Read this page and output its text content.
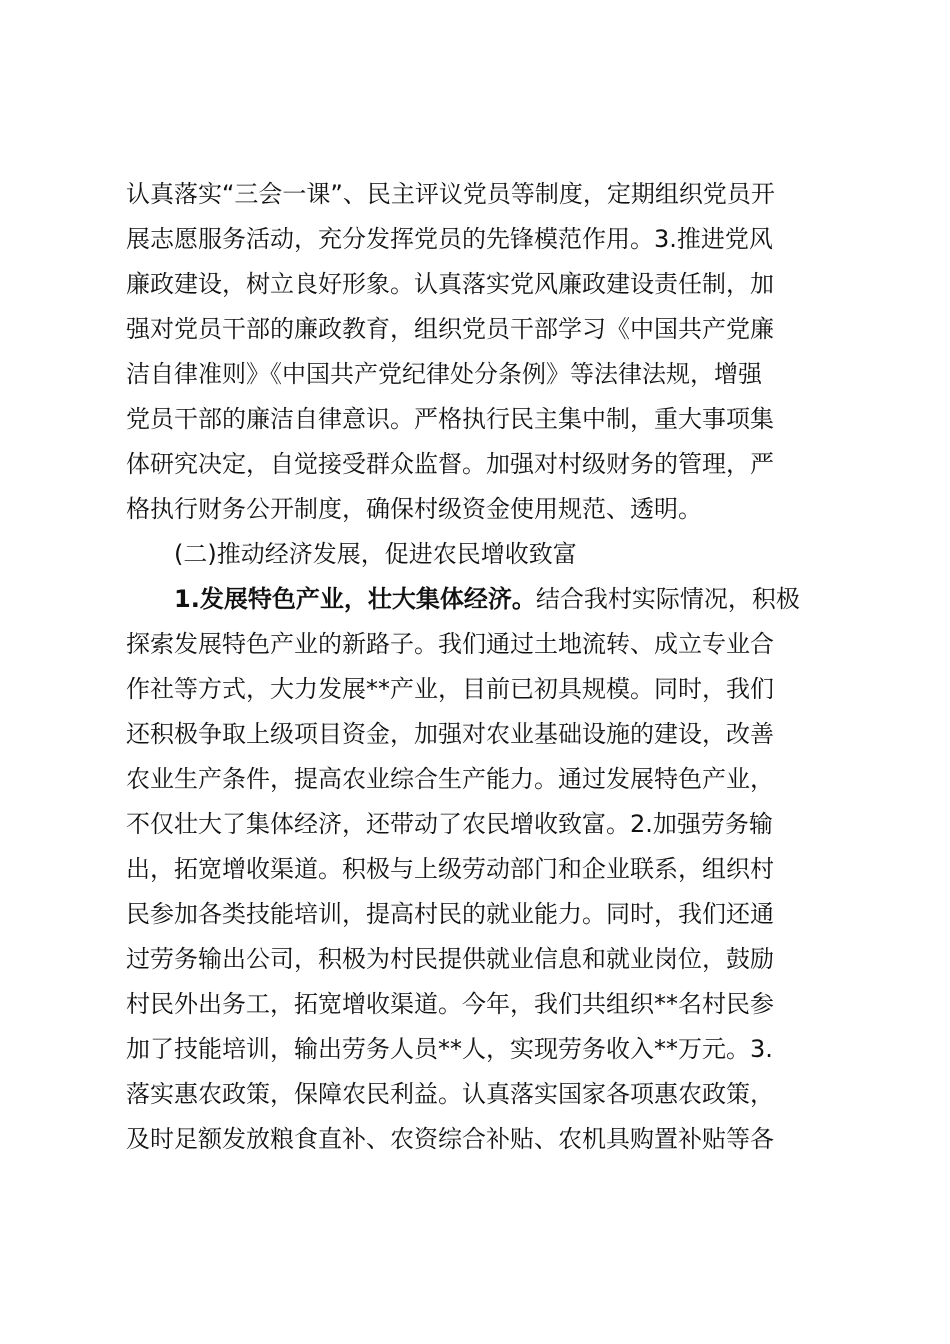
认真落实“三会一课”、民主评议党员等制度，定期组织党员开
展志愿服务活动，充分发挥党员的先锋模范作用。3.推进党风
廉政建设，树立良好形象。认真落实党风廉政建设责任制，加
强对党员干部的廉政教育，组织党员干部学习《中国共产党廉
洁自律准则》《中国共产党纪律处分条例》等法律法规，增强
党员干部的廉洁自律意识。严格执行民主集中制，重大事项集
体研究决定，自觉接受群众监督。加强对村级财务的管理，严
格执行财务公开制度，确保村级资金使用规范、透明。
(二)推动经济发展，促进农民增收致富
1.发展特色产业，壮大集体经济。结合我村实际情况，积极
探索发展特色产业的新路子。我们通过土地流转、成立专业合
作社等方式，大力发展**产业，目前已初具规模。同时，我们
还积极争取上级项目资金，加强对农业基础设施的建设，改善
农业生产条件，提高农业综合生产能力。通过发展特色产业，
不仅壮大了集体经济，还带动了农民增收致富。2.加强劳务输
出，拓宽增收渠道。积极与上级劳动部门和企业联系，组织村
民参加各类技能培训，提高村民的就业能力。同时，我们还通
过劳务输出公司，积极为村民提供就业信息和就业岗位，鼓励
村民外出务工，拓宽增收渠道。今年，我们共组织**名村民参
加了技能培训，输出劳务人员**人，实现劳务收入**万元。3.
落实惠农政策，保障农民利益。认真落实国家各项惠农政策，
及时足额发放粮食直补、农资综合补贴、农机具购置补贴等各
